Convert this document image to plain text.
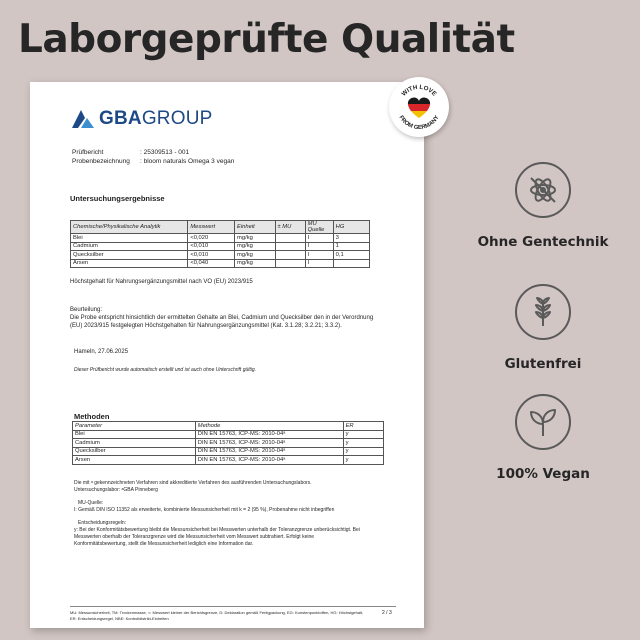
Laborgeprüfte Qualität
GBAGROUP
Prüfbericht	: 25309513 - 001
Probenbezeichnung	: bloom naturals Omega 3 vegan
Untersuchungsergebnisse
Chemische/Physikalische Analytik	Messwert	Einheit	± MU	MU Quelle	HG
Blei	<0,020	mg/kg		I	3
Cadmium	<0,010	mg/kg		I	1
Quecksilber	<0,010	mg/kg		I	0,1
Arsen	<0,040	mg/kg		I	
Höchstgehalt für Nahrungsergänzungsmittel nach VO (EU) 2023/915
Beurteilung:
Die Probe entspricht hinsichtlich der ermittelten Gehalte an Blei, Cadmium und Quecksilber den in der Verordnung
(EU) 2023/915 festgelegten Höchstgehalten für Nahrungsergänzungsmittel (Kat. 3.1.28; 3.2.21; 3.3.2).
Hameln, 27.06.2025
Dieser Prüfbericht wurde automatisch erstellt und ist auch ohne Unterschrift gültig.
Methoden
Parameter	Methode	ER
Blei	DIN EN 15763, ICP-MS: 2010-04ᵃ	y
Cadmium	DIN EN 15763, ICP-MS: 2010-04ᵃ	y
Quecksilber	DIN EN 15763, ICP-MS: 2010-04ᵃ	y
Arsen	DIN EN 15763, ICP-MS: 2010-04ᵃ	y
Die mit ᵃ gekennzeichneten Verfahren sind akkreditierte Verfahren des ausführenden Untersuchungslabors.
Untersuchungslabor: ᵃGBA Pinneberg
MU-Quelle:
I: Gemäß DIN ISO 11352 als erweiterte, kombinierte Messunsicherheit mit k = 2 (95 %), Probenahme nicht inbegriffen
Entscheidungsregeln:
y: Bei der Konformitätsbewertung bleibt die Messunsicherheit bei Messwerten unterhalb der Toleranzgrenze unberücksichtigt. Bei
Messwerten oberhalb der Toleranzgrenze wird die Messunsicherheit vom Messwert subtrahiert. Erfolgt keine
Konformitätsbewertung, stellt die Messunsicherheit lediglich eine Information dar.
MU: Messunsicherheit, TM: Trockenmasse, <: Messwert kleiner der Berichtsgrenze, D: Deklaration gemäß Fertigpackung, EG: Kunstenpunktoffen, HG: Höchstgehalt,
ER: Entscheidungsregel, NBE: Kontrolldistrikt-Einheiten
2 / 3
WITH LOVE
FROM GERMANY
Ohne Gentechnik
Glutenfrei
100% Vegan
